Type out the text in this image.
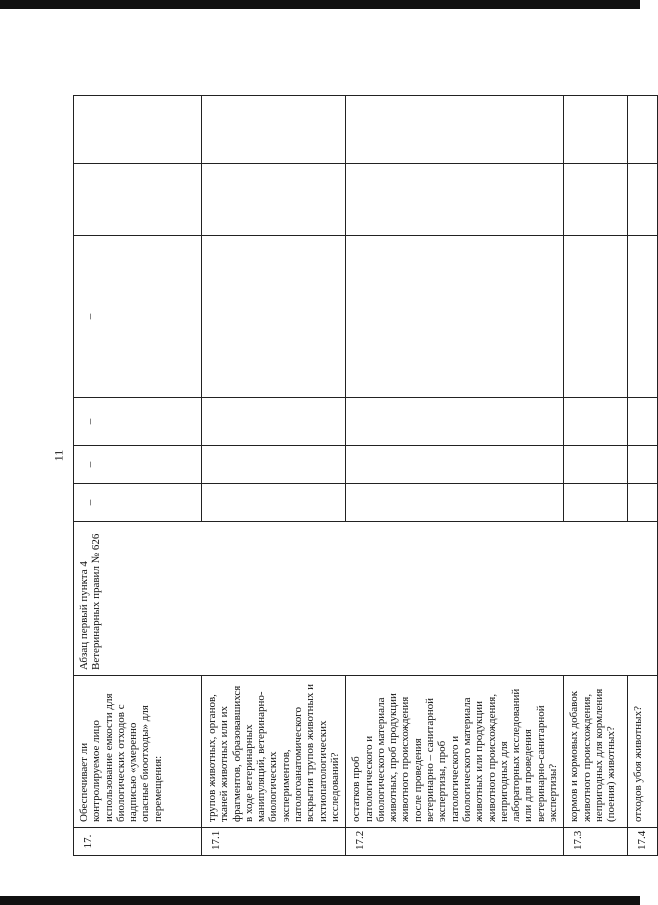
11
17.	Обеспечивает ли контролируемое лицо использование емкости для биологических отходов с надписью «умеренно опасные биоотходы» для перемещения:	Абзац первый пункта 4 Ветеринарных правил № 626	–	–	–	–		

17.1	трупов животных, органов, тканей животных или их фрагментов, образовавшихся в ходе ветеринарных манипуляций, ветеринарно-биологических экспериментов, патологоанатомического вскрытия трупов животных и ихтиопатологических исследований?							
17.2	остатков проб патологического и биологического материала животных, проб продукции животного происхождения после проведения ветеринарно – санитарной экспертизы, проб патологического и биологического материала животных или продукции животного происхождения, непригодных для лабораторных исследований или для проведения ветеринарно-санитарной экспертизы?							
17.3	кормов и кормовых добавок животного происхождения, непригодных для кормления (поения) животных?							
17.4	отходов убоя животных?							
